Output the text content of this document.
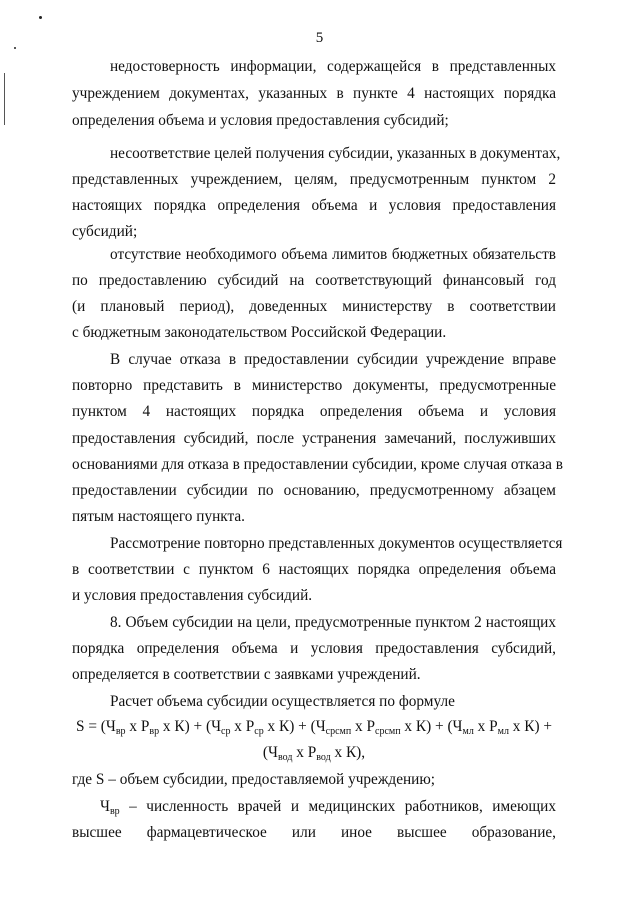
5
недостоверность информации, содержащейся в представленных
учреждением документах, указанных в пункте 4 настоящих порядка
определения объема и условия предоставления субсидий;
несоответствие целей получения субсидии, указанных в документах,
представленных учреждением, целям, предусмотренным пунктом 2
настоящих порядка определения объема и условия предоставления
субсидий;
отсутствие необходимого объема лимитов бюджетных обязательств
по предоставлению субсидий на соответствующий финансовый год
(и плановый период), доведенных министерству в соответствии
с бюджетным законодательством Российской Федерации.
В случае отказа в предоставлении субсидии учреждение вправе
повторно представить в министерство документы, предусмотренные
пунктом 4 настоящих порядка определения объема и условия
предоставления субсидий, после устранения замечаний, послуживших
основаниями для отказа в предоставлении субсидии, кроме случая отказа в
предоставлении субсидии по основанию, предусмотренному абзацем
пятым настоящего пункта.
Рассмотрение повторно представленных документов осуществляется
в соответствии с пунктом 6 настоящих порядка определения объема
и условия предоставления субсидий.
8. Объем субсидии на цели, предусмотренные пунктом 2 настоящих
порядка определения объема и условия предоставления субсидий,
определяется в соответствии с заявками учреждений.
Расчет объема субсидии осуществляется по формуле
$S = (Ч_{вр}$ x $Р_{вр}$ x $К) + (Ч_{ср}$ x $Р_{ср}$ x $К) + (Ч_{срсмп}$ x $Р_{срсмп}$ x $К) + (Ч_{мл}$ x $Р_{мл}$ x К) +
($Ч_{вод}$ x $Р_{вод}$ x К),
где S – объем субсидии, предоставляемой учреждению;
$Ч_{вр}$ – численность врачей и медицинских работников, имеющих
высшее фармацевтическое или иное высшее образование,
